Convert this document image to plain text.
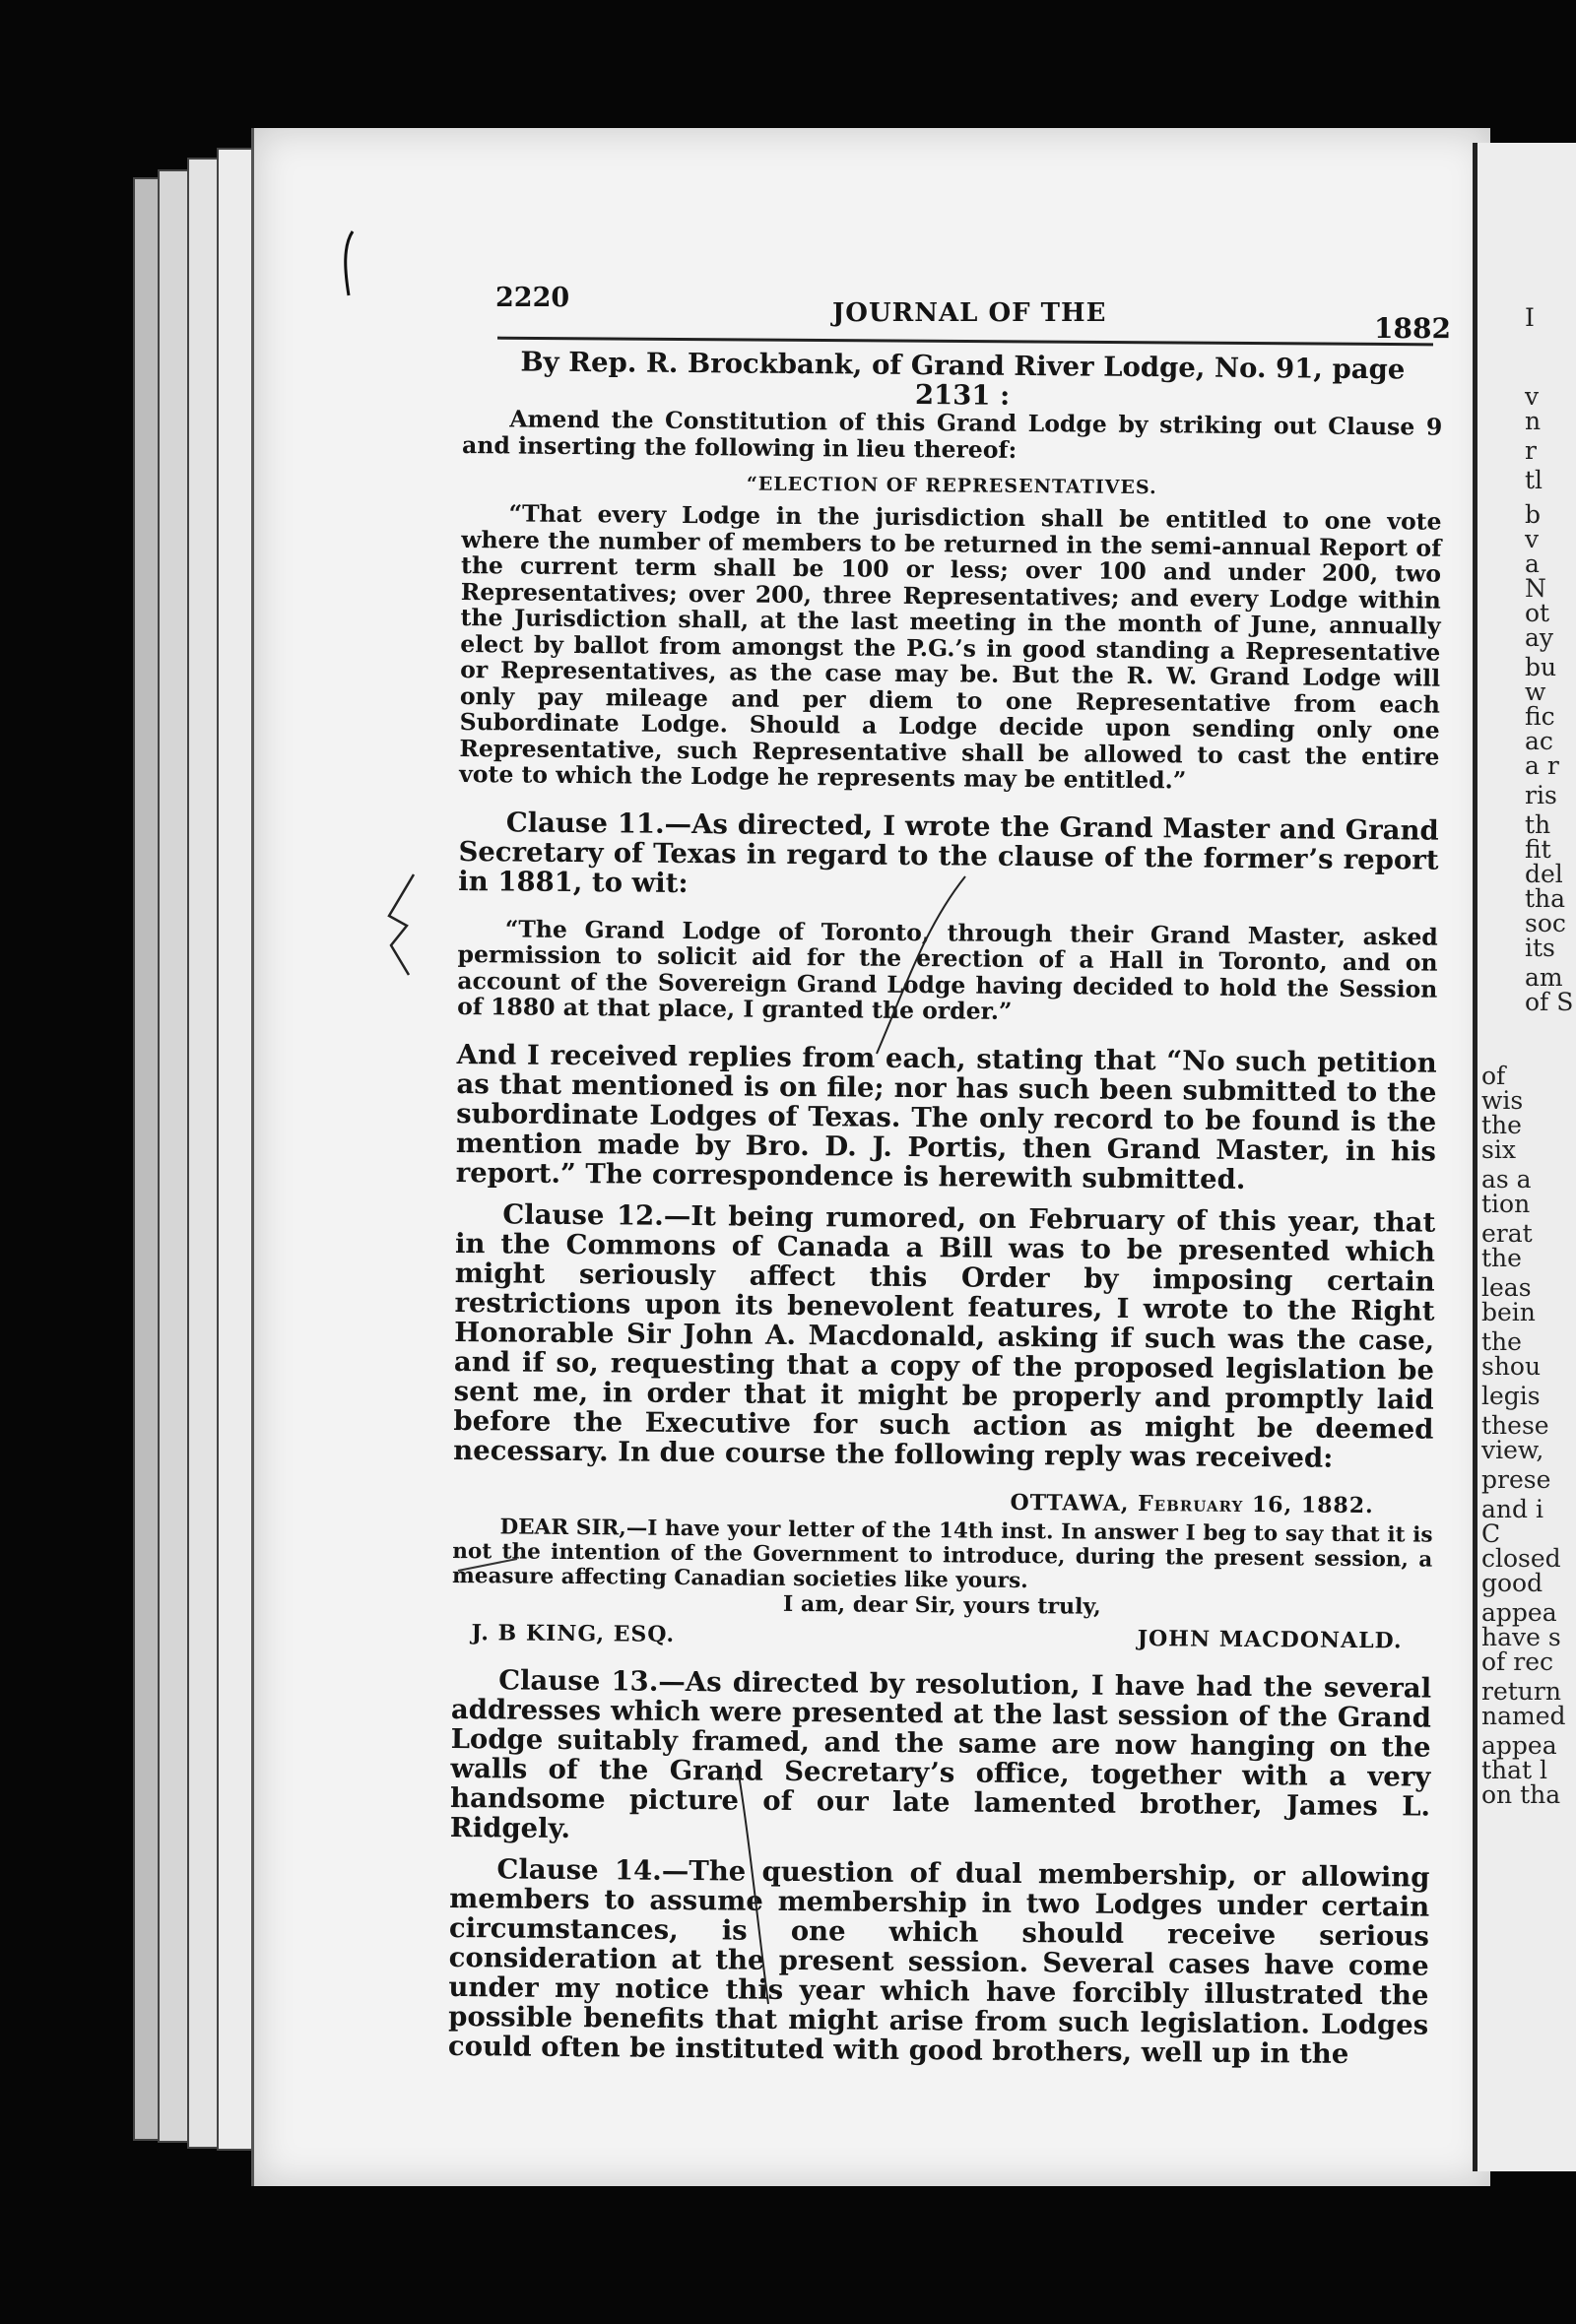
I
v
n
r
tl
b
v
a
N
ot
ay
bu
w
fic
ac
a r
ris
th
fit
del
tha
soc
its
am
of S
of
wis
the
six
as a
tion
erat
the
leas
bein
the
shou
legis
these
view,
prese
and i
C
closed
good
appea
have s
of rec
return
named
appea
that l
on tha
2220	JOURNAL OF THE	1882

By Rep. R. Brockbank, of Grand River Lodge, No. 91, page 2131 :

Amend the Constitution of this Grand Lodge by striking out Clause 9 and inserting the following in lieu thereof:

“ELECTION OF REPRESENTATIVES.

“That every Lodge in the jurisdiction shall be entitled to one vote where the number of members to be returned in the semi-annual Report of the current term shall be 100 or less; over 100 and under 200, two Representatives; over 200, three Representatives; and every Lodge within the Jurisdiction shall, at the last meeting in the month of June, annually elect by ballot from amongst the P.G.’s in good standing a Representative or Representatives, as the case may be. But the R. W. Grand Lodge will only pay mileage and per diem to one Representative from each Subordinate Lodge. Should a Lodge decide upon sending only one Representative, such Representative shall be allowed to cast the entire vote to which the Lodge he represents may be entitled.”

Clause 11.—As directed, I wrote the Grand Master and Grand Secretary of Texas in regard to the clause of the former’s report in 1881, to wit:

“The Grand Lodge of Toronto, through their Grand Master, asked permission to solicit aid for the erection of a Hall in Toronto, and on account of the Sovereign Grand Lodge having decided to hold the Session of 1880 at that place, I granted the order.”

And I received replies from each, stating that “No such petition as that mentioned is on file; nor has such been submitted to the subordinate Lodges of Texas. The only record to be found is the mention made by Bro. D. J. Portis, then Grand Master, in his report.” The correspondence is herewith submitted.

Clause 12.—It being rumored, on February of this year, that in the Commons of Canada a Bill was to be presented which might seriously affect this Order by imposing certain restrictions upon its benevolent features, I wrote to the Right Honorable Sir John A. Macdonald, asking if such was the case, and if so, requesting that a copy of the proposed legislation be sent me, in order that it might be properly and promptly laid before the Executive for such action as might be deemed necessary. In due course the following reply was received:

OTTAWA, February 16, 1882.

DEAR SIR,—I have your letter of the 14th inst. In answer I beg to say that it is not the intention of the Government to introduce, during the present session, a measure affecting Canadian societies like yours.

I am, dear Sir, yours truly,
J. B KING, ESQ.	JOHN MACDONALD.

Clause 13.—As directed by resolution, I have had the several addresses which were presented at the last session of the Grand Lodge suitably framed, and the same are now hanging on the walls of the Grand Secretary’s office, together with a very handsome picture of our late lamented brother, James L. Ridgely.

Clause 14.—The question of dual membership, or allowing members to assume membership in two Lodges under certain circumstances, is one which should receive serious consideration at the present session. Several cases have come under my notice this year which have forcibly illustrated the possible benefits that might arise from such legislation. Lodges could often be instituted with good brothers, well up in the
